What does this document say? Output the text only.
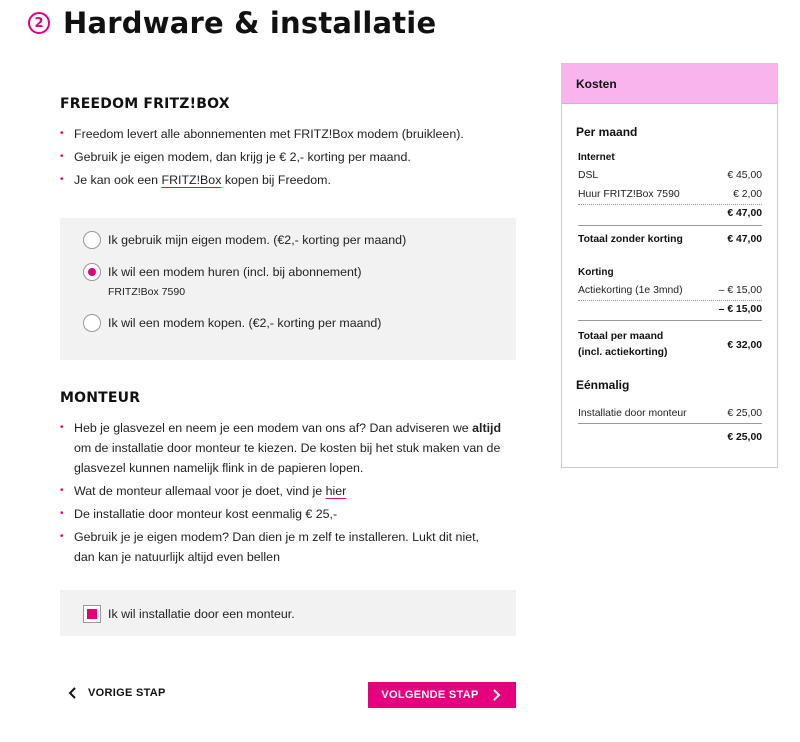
2 Hardware & installatie
FREEDOM FRITZ!BOX
• Freedom levert alle abonnementen met FRITZ!Box modem (bruikleen).
• Gebruik je eigen modem, dan krijg je € 2,- korting per maand.
• Je kan ook een FRITZ!Box kopen bij Freedom.
Ik gebruik mijn eigen modem. (€2,- korting per maand)
Ik wil een modem huren (incl. bij abonnement)
FRITZ!Box 7590
Ik wil een modem kopen. (€2,- korting per maand)
MONTEUR
• Heb je glasvezel en neem je een modem van ons af? Dan adviseren we altijd om de installatie door monteur te kiezen. De kosten bij het stuk maken van de glasvezel kunnen namelijk flink in de papieren lopen.
• Wat de monteur allemaal voor je doet, vind je hier
• De installatie door monteur kost eenmalig € 25,-
• Gebruik je je eigen modem? Dan dien je m zelf te installeren. Lukt dit niet, dan kan je natuurlijk altijd even bellen
Ik wil installatie door een monteur.
VORIGE STAP	VOLGENDE STAP
Kosten
Per maand
Internet
DSL	€ 45,00
Huur FRITZ!Box 7590	€ 2,00
€ 47,00
Totaal zonder korting	€ 47,00
Korting
Actiekorting (1e 3mnd)	– € 15,00
– € 15,00
Totaal per maand
(incl. actiekorting)
€ 32,00
Eénmalig
Installatie door monteur	€ 25,00
€ 25,00
